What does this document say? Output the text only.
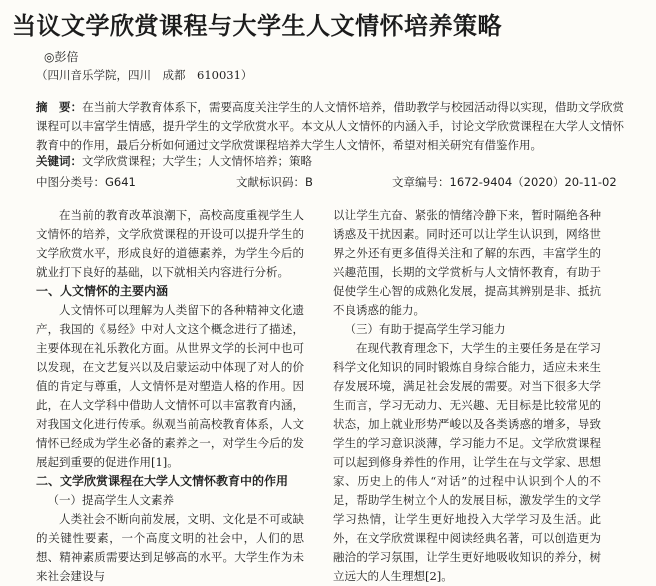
当议文学欣赏课程与大学生人文情怀培养策略
◎彭倍
（四川音乐学院，四川　成都　610031）
摘　要：在当前大学教育体系下，需要高度关注学生的人文情怀培养，借助教学与校园活动得以实现，借助文学欣赏课程可以丰富学生情感，提升学生的文学欣赏水平。本文从人文情怀的内涵入手，讨论文学欣赏课程在大学人文情怀教育中的作用，最后分析如何通过文学欣赏课程培养大学生人文情怀，希望对相关研究有借鉴作用。
关键词：文学欣赏课程；大学生；人文情怀培养；策略
中图分类号：G641	文献标识码：B	文章编号：1672-9404（2020）20-11-02

在当前的教育改革浪潮下，高校高度重视学生人文情怀的培养，文学欣赏课程的开设可以提升学生的文学欣赏水平，形成良好的道德素养，为学生今后的就业打下良好的基础，以下就相关内容进行分析。

一、人文情怀的主要内涵

人文情怀可以理解为人类留下的各种精神文化遗产，我国的《易经》中对人文这个概念进行了描述，主要体现在礼乐教化方面。从世界文学的长河中也可以发现，在文艺复兴以及启蒙运动中体现了对人的价值的肯定与尊重，人文情怀是对塑造人格的作用。因此，在人文学科中借助人文情怀可以丰富教育内涵，对我国文化进行传承。纵观当前高校教育体系，人文情怀已经成为学生必备的素养之一，对学生今后的发展起到重要的促进作用[1]。

二、文学欣赏课程在大学人文情怀教育中的作用
（一）提高学生人文素养

人类社会不断向前发展，文明、文化是不可或缺的关键性要素，一个高度文明的社会中，人们的思想、精神素质需要达到足够高的水平。大学生作为未来社会建设与

以让学生亢奋、紧张的情绪冷静下来，暂时隔绝各种诱惑及干扰因素。同时还可以让学生认识到，网络世界之外还有更多值得关注和了解的东西，丰富学生的兴趣范围，长期的文学赏析与人文情怀教育，有助于促使学生心智的成熟化发展，提高其辨别是非、抵抗不良诱惑的能力。

（三）有助于提高学生学习能力

在现代教育理念下，大学生的主要任务是在学习科学文化知识的同时锻炼自身综合能力，适应未来生存发展环境，满足社会发展的需要。对当下很多大学生而言，学习无动力、无兴趣、无目标是比较常见的状态，加上就业形势严峻以及各类诱惑的增多，导致学生的学习意识淡薄，学习能力不足。文学欣赏课程可以起到修身养性的作用，让学生在与文学家、思想家、历史上的伟人“对话”的过程中认识到个人的不足，帮助学生树立个人的发展目标，激发学生的文学学习热情，让学生更好地投入大学学习及生活。此外，在文学欣赏课程中阅读经典名著，可以创造更为融洽的学习氛围，让学生更好地吸收知识的养分，树立远大的人生理想[2]。
